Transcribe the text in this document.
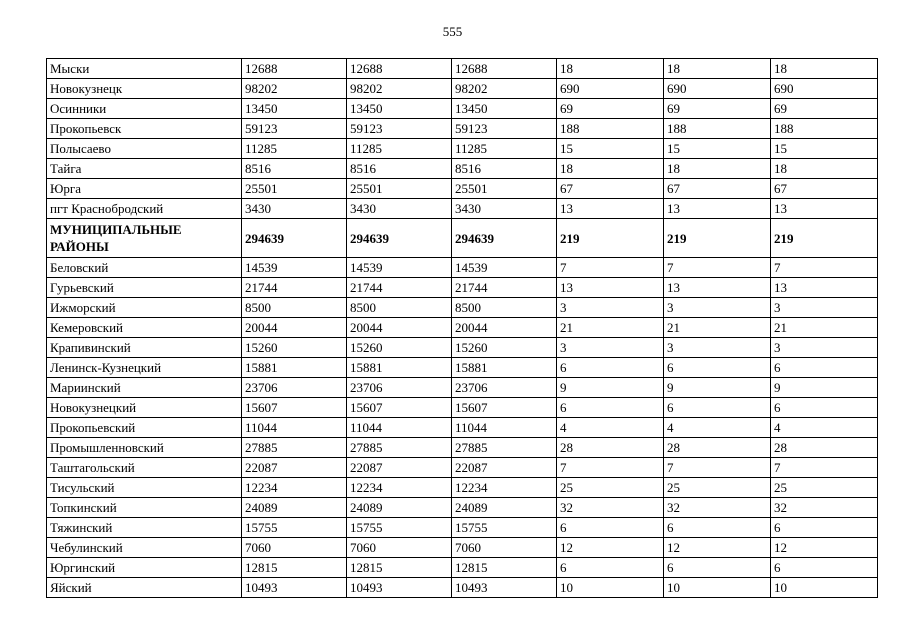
555
Мыски	12688	12688	12688	18	18	18
Новокузнецк	98202	98202	98202	690	690	690
Осинники	13450	13450	13450	69	69	69
Прокопьевск	59123	59123	59123	188	188	188
Полысаево	11285	11285	11285	15	15	15
Тайга	8516	8516	8516	18	18	18
Юрга	25501	25501	25501	67	67	67
пгт Краснобродский	3430	3430	3430	13	13	13
МУНИЦИПАЛЬНЫЕ РАЙОНЫ	294639	294639	294639	219	219	219
Беловский	14539	14539	14539	7	7	7
Гурьевский	21744	21744	21744	13	13	13
Ижморский	8500	8500	8500	3	3	3
Кемеровский	20044	20044	20044	21	21	21
Крапивинский	15260	15260	15260	3	3	3
Ленинск-Кузнецкий	15881	15881	15881	6	6	6
Мариинский	23706	23706	23706	9	9	9
Новокузнецкий	15607	15607	15607	6	6	6
Прокопьевский	11044	11044	11044	4	4	4
Промышленновский	27885	27885	27885	28	28	28
Таштагольский	22087	22087	22087	7	7	7
Тисульский	12234	12234	12234	25	25	25
Топкинский	24089	24089	24089	32	32	32
Тяжинский	15755	15755	15755	6	6	6
Чебулинский	7060	7060	7060	12	12	12
Юргинский	12815	12815	12815	6	6	6
Яйский	10493	10493	10493	10	10	10
